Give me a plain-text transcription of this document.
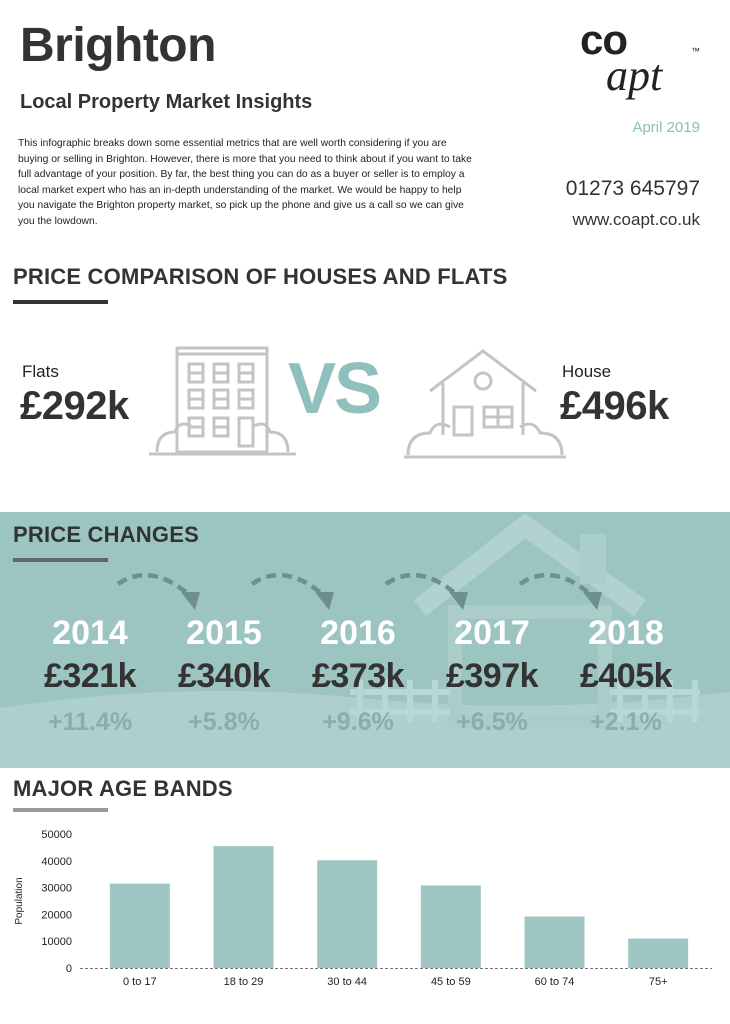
Brighton
Local Property Market Insights
This infographic breaks down some essential metrics that are well worth considering if you are buying or selling in Brighton. However, there is more that you need to think about if you want to take full advantage of your position. By far, the best thing you can do as a buyer or seller is to employ a local market expert who has an in-depth understanding of the market. We would be happy to help you navigate the Brighton property market, so pick up the phone and give us a call so we can give you the lowdown.
co
apt	™
April 2019
01273 645797
www.coapt.co.uk
PRICE COMPARISON OF HOUSES AND FLATS
Flats
£292k
House
£496k
VS
PRICE CHANGES
2014
£321k
+11.4%
2015
£340k
+5.8%
2016
£373k
+9.6%
2017
£397k
+6.5%
2018
£405k
+2.1%
MAJOR AGE BANDS
0
10000
20000
30000
40000
50000
0 to 17	18 to 29	30 to 44	45 to 59	60 to 74	75+
Population
